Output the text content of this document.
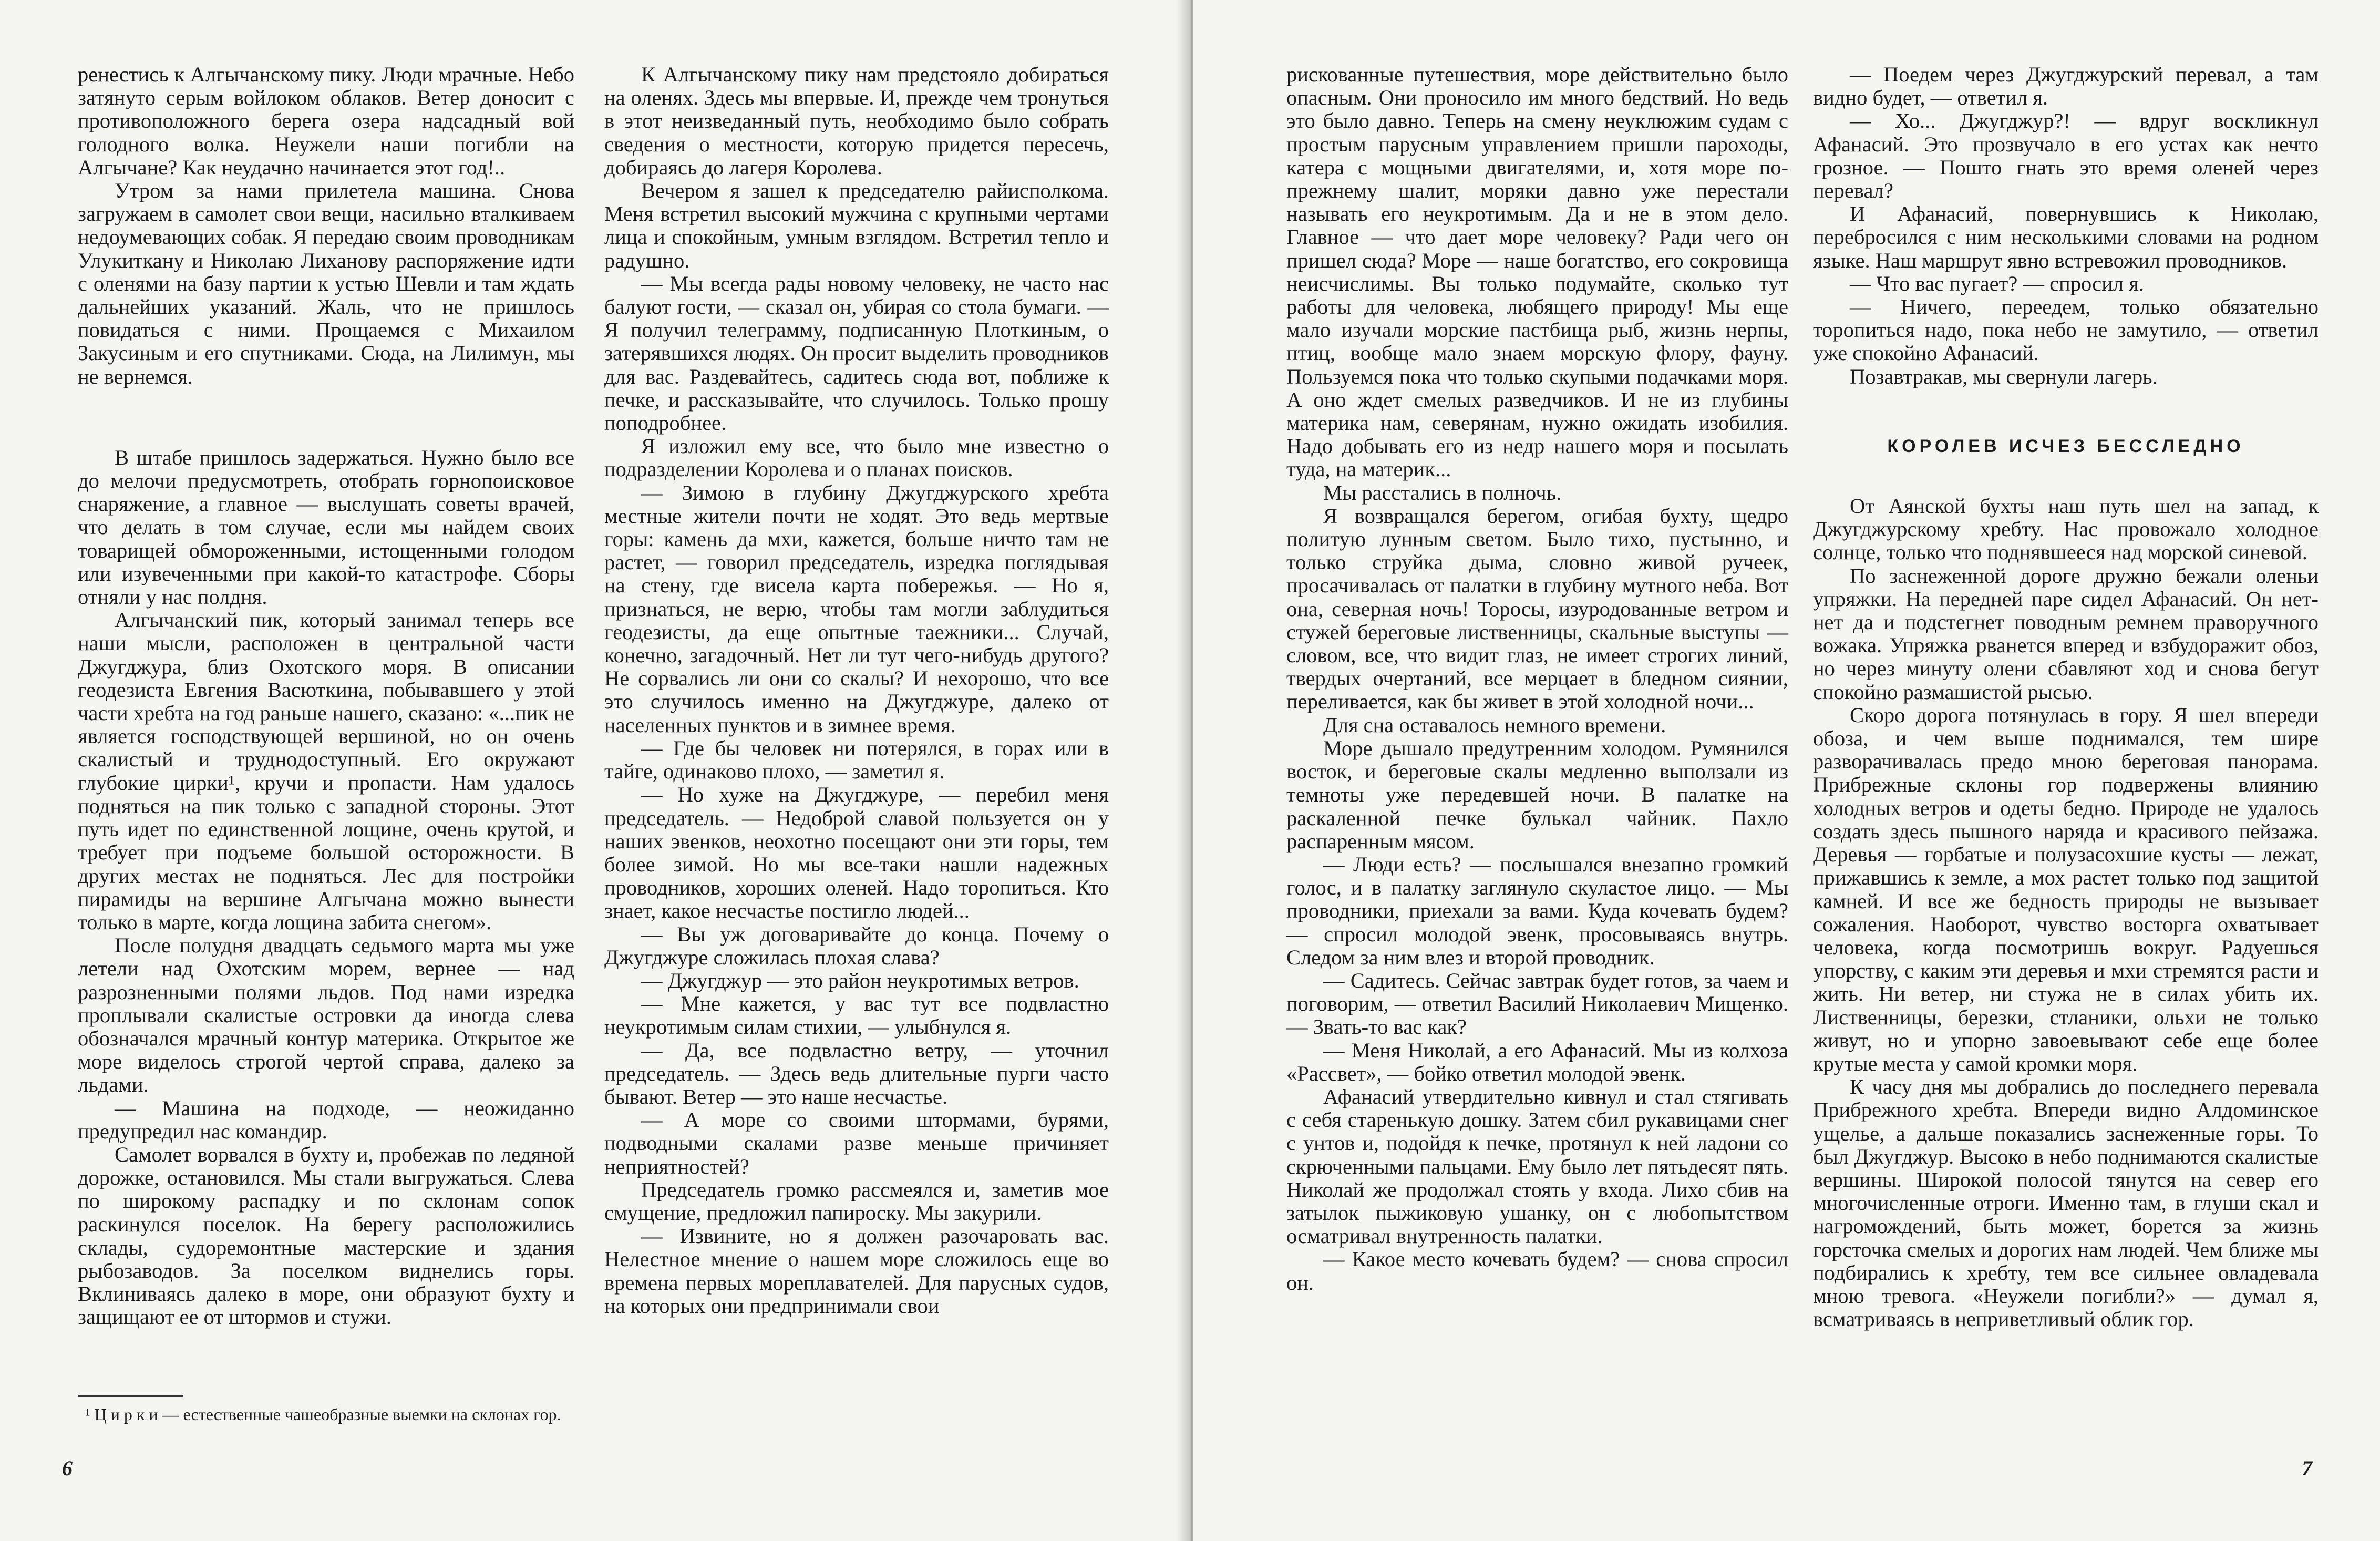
ренестись к Алгычанскому пику. Люди мрачные. Небо затянуто серым войлоком облаков. Ветер доносит с противоположного берега озера надсадный вой голодного волка. Неужели наши погибли на Алгычане? Как неудачно начинается этот год!..

Утром за нами прилетела машина. Снова загружаем в самолет свои вещи, насильно вталкиваем недоумевающих собак. Я передаю своим проводникам Улукиткану и Николаю Лиханову распоряжение идти с оленями на базу партии к устью Шевли и там ждать дальнейших указаний. Жаль, что не пришлось повидаться с ними. Прощаемся с Михаилом Закусиным и его спутниками. Сюда, на Лилимун, мы не вернемся.

В штабе пришлось задержаться. Нужно было все до мелочи предусмотреть, отобрать горнопоисковое снаряжение, а главное — выслушать советы врачей, что делать в том случае, если мы найдем своих товарищей обмороженными, истощенными голодом или изувеченными при какой-то катастрофе. Сборы отняли у нас полдня.

Алгычанский пик, который занимал теперь все наши мысли, расположен в центральной части Джугджура, близ Охотского моря. В описании геодезиста Евгения Васюткина, побывавшего у этой части хребта на год раньше нашего, сказано: «...пик не является господствующей вершиной, но он очень скалистый и труднодоступный. Его окружают глубокие цирки¹, кручи и пропасти. Нам удалось подняться на пик только с западной стороны. Этот путь идет по единственной лощине, очень крутой, и требует при подъеме большой осторожности. В других местах не подняться. Лес для постройки пирамиды на вершине Алгычана можно вынести только в марте, когда лощина забита снегом».

После полудня двадцать седьмого марта мы уже летели над Охотским морем, вернее — над разрозненными полями льдов. Под нами изредка проплывали скалистые островки да иногда слева обозначался мрачный контур материка. Открытое же море виделось строгой чертой справа, далеко за льдами.

— Машина на подходе, — неожиданно предупредил нас командир.

Самолет ворвался в бухту и, пробежав по ледяной дорожке, остановился. Мы стали выгружаться. Слева по широкому распадку и по склонам сопок раскинулся поселок. На берегу расположились склады, судоремонтные мастерские и здания рыбозаводов. За поселком виднелись горы. Вклиниваясь далеко в море, они образуют бухту и защищают ее от штормов и стужи.

К Алгычанскому пику нам предстояло добираться на оленях. Здесь мы впервые. И, прежде чем тронуться в этот неизведанный путь, необходимо было собрать сведения о местности, которую придется пересечь, добираясь до лагеря Королева.

Вечером я зашел к председателю райисполкома. Меня встретил высокий мужчина с крупными чертами лица и спокойным, умным взглядом. Встретил тепло и радушно.

— Мы всегда рады новому человеку, не часто нас балуют гости, — сказал он, убирая со стола бумаги. — Я получил телеграмму, подписанную Плоткиным, о затерявшихся людях. Он просит выделить проводников для вас. Раздевайтесь, садитесь сюда вот, поближе к печке, и рассказывайте, что случилось. Только прошу поподробнее.

Я изложил ему все, что было мне известно о подразделении Королева и о планах поисков.

— Зимою в глубину Джугджурского хребта местные жители почти не ходят. Это ведь мертвые горы: камень да мхи, кажется, больше ничто там не растет, — говорил председатель, изредка поглядывая на стену, где висела карта побережья. — Но я, признаться, не верю, чтобы там могли заблудиться геодезисты, да еще опытные таежники... Случай, конечно, загадочный. Нет ли тут чего-нибудь другого? Не сорвались ли они со скалы? И нехорошо, что все это случилось именно на Джугджуре, далеко от населенных пунктов и в зимнее время.

— Где бы человек ни потерялся, в горах или в тайге, одинаково плохо, — заметил я.

— Но хуже на Джугджуре, — перебил меня председатель. — Недоброй славой пользуется он у наших эвенков, неохотно посещают они эти горы, тем более зимой. Но мы все-таки нашли надежных проводников, хороших оленей. Надо торопиться. Кто знает, какое несчастье постигло людей...

— Вы уж договаривайте до конца. Почему о Джугджуре сложилась плохая слава?

— Джугджур — это район неукротимых ветров.

— Мне кажется, у вас тут все подвластно неукротимым силам стихии, — улыбнулся я.

— Да, все подвластно ветру, — уточнил председатель. — Здесь ведь длительные пурги часто бывают. Ветер — это наше несчастье.

— А море со своими штормами, бурями, подводными скалами разве меньше причиняет неприятностей?

Председатель громко рассмеялся и, заметив мое смущение, предложил папироску. Мы закурили.

— Извините, но я должен разочаровать вас. Нелестное мнение о нашем море сложилось еще во времена первых мореплавателей. Для парусных судов, на которых они предпринимали свои

¹ Ц и р к и — естественные чашеобразные выемки на склонах гор.
6

рискованные путешествия, море действительно было опасным. Они проносило им много бедствий. Но ведь это было давно. Теперь на смену неуклюжим судам с простым парусным управлением пришли пароходы, катера с мощными двигателями, и, хотя море по-прежнему шалит, моряки давно уже перестали называть его неукротимым. Да и не в этом дело. Главное — что дает море человеку? Ради чего он пришел сюда? Море — наше богатство, его сокровища неисчислимы. Вы только подумайте, сколько тут работы для человека, любящего природу! Мы еще мало изучали морские пастбища рыб, жизнь нерпы, птиц, вообще мало знаем морскую флору, фауну. Пользуемся пока что только скупыми подачками моря. А оно ждет смелых разведчиков. И не из глубины материка нам, северянам, нужно ожидать изобилия. Надо добывать его из недр нашего моря и посылать туда, на материк...

Мы расстались в полночь.

Я возвращался берегом, огибая бухту, щедро политую лунным светом. Было тихо, пустынно, и только струйка дыма, словно живой ручеек, просачивалась от палатки в глубину мутного неба. Вот она, северная ночь! Торосы, изуродованные ветром и стужей береговые лиственницы, скальные выступы — словом, все, что видит глаз, не имеет строгих линий, твердых очертаний, все мерцает в бледном сиянии, переливается, как бы живет в этой холодной ночи...

Для сна оставалось немного времени.

Море дышало предутренним холодом. Румянился восток, и береговые скалы медленно выползали из темноты уже передевшей ночи. В палатке на раскаленной печке булькал чайник. Пахло распаренным мясом.

— Люди есть? — послышался внезапно громкий голос, и в палатку заглянуло скуластое лицо. — Мы проводники, приехали за вами. Куда кочевать будем? — спросил молодой эвенк, просовываясь внутрь. Следом за ним влез и второй проводник.

— Садитесь. Сейчас завтрак будет готов, за чаем и поговорим, — ответил Василий Николаевич Мищенко. — Звать-то вас как?

— Меня Николай, а его Афанасий. Мы из колхоза «Рассвет», — бойко ответил молодой эвенк.

Афанасий утвердительно кивнул и стал стягивать с себя старенькую дошку. Затем сбил рукавицами снег с унтов и, подойдя к печке, протянул к ней ладони со скрюченными пальцами. Ему было лет пятьдесят пять. Николай же продолжал стоять у входа. Лихо сбив на затылок пыжиковую ушанку, он с любопытством осматривал внутренность палатки.

— Какое место кочевать будем? — снова спросил он.

— Поедем через Джугджурский перевал, а там видно будет, — ответил я.

— Хо... Джугджур?! — вдруг воскликнул Афанасий. Это прозвучало в его устах как нечто грозное. — Пошто гнать это время оленей через перевал?

И Афанасий, повернувшись к Николаю, перебросился с ним несколькими словами на родном языке. Наш маршрут явно встревожил проводников.

— Что вас пугает? — спросил я.

— Ничего, переедем, только обязательно торопиться надо, пока небо не замутило, — ответил уже спокойно Афанасий.

Позавтракав, мы свернули лагерь.

КОРОЛЕВ ИСЧЕЗ БЕССЛЕДНО

От Аянской бухты наш путь шел на запад, к Джугджурскому хребту. Нас провожало холодное солнце, только что поднявшееся над морской синевой.

По заснеженной дороге дружно бежали оленьи упряжки. На передней паре сидел Афанасий. Он нет-нет да и подстегнет поводным ремнем праворучного вожака. Упряжка рванется вперед и взбудоражит обоз, но через минуту олени сбавляют ход и снова бегут спокойно размашистой рысью.

Скоро дорога потянулась в гору. Я шел впереди обоза, и чем выше поднимался, тем шире разворачивалась предо мною береговая панорама. Прибрежные склоны гор подвержены влиянию холодных ветров и одеты бедно. Природе не удалось создать здесь пышного наряда и красивого пейзажа. Деревья — горбатые и полузасохшие кусты — лежат, прижавшись к земле, а мох растет только под защитой камней. И все же бедность природы не вызывает сожаления. Наоборот, чувство восторга охватывает человека, когда посмотришь вокруг. Радуешься упорству, с каким эти деревья и мхи стремятся расти и жить. Ни ветер, ни стужа не в силах убить их. Лиственницы, березки, стланики, ольхи не только живут, но и упорно завоевывают себе еще более крутые места у самой кромки моря.

К часу дня мы добрались до последнего перевала Прибрежного хребта. Впереди видно Алдоминское ущелье, а дальше показались заснеженные горы. То был Джугджур. Высоко в небо поднимаются скалистые вершины. Широкой полосой тянутся на север его многочисленные отроги. Именно там, в глуши скал и нагромождений, быть может, борется за жизнь горсточка смелых и дорогих нам людей. Чем ближе мы подбирались к хребту, тем все сильнее овладевала мною тревога. «Неужели погибли?» — думал я, всматриваясь в неприветливый облик гор.

7
